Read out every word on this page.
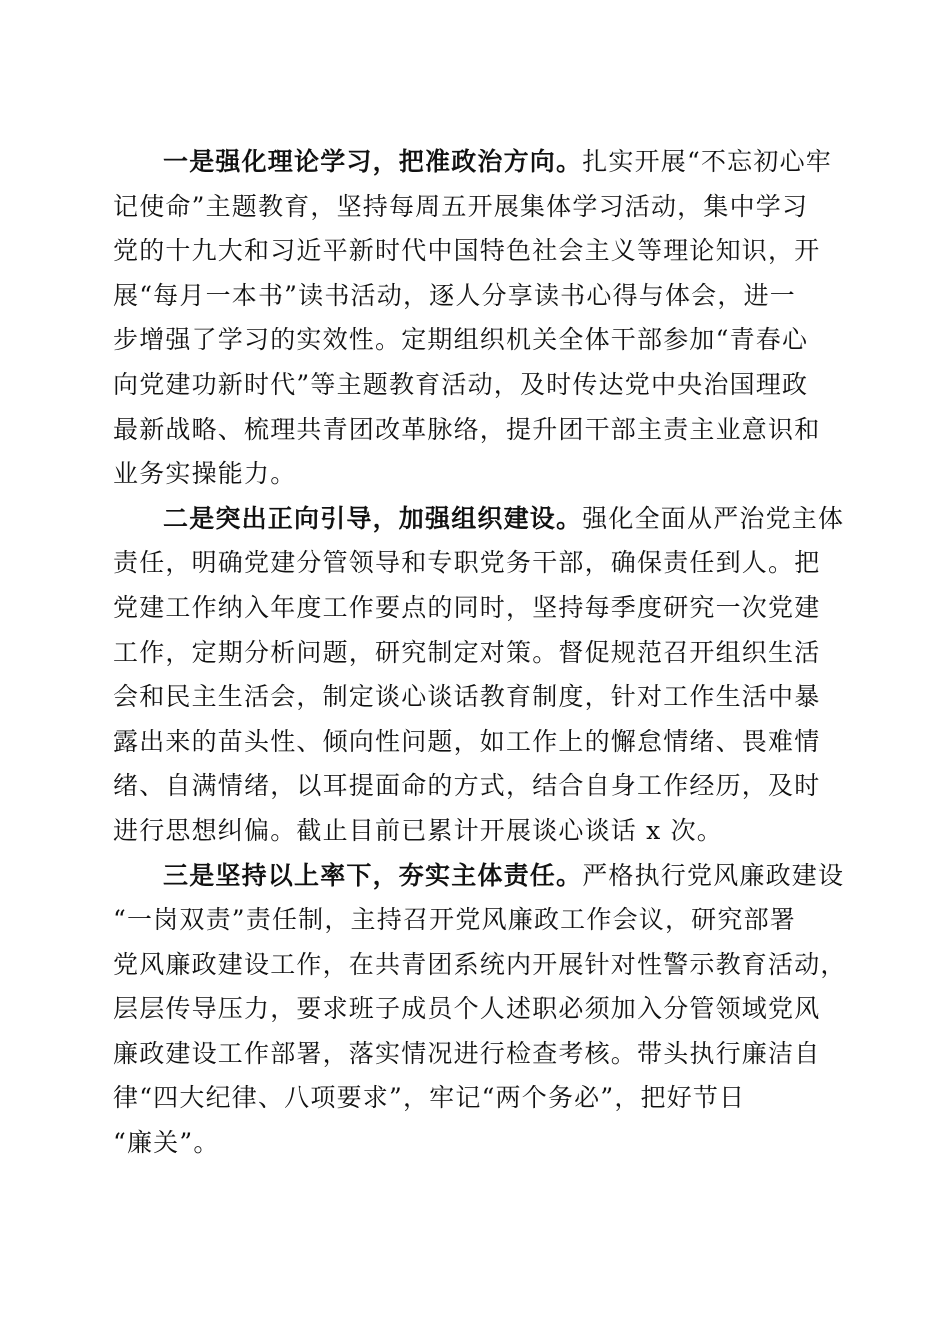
一是强化理论学习，把准政治方向。扎实开展“不忘初心牢
记使命”主题教育，坚持每周五开展集体学习活动，集中学习
党的十九大和习近平新时代中国特色社会主义等理论知识，开
展“每月一本书”读书活动，逐人分享读书心得与体会，进一
步增强了学习的实效性。定期组织机关全体干部参加“青春心
向党建功新时代”等主题教育活动，及时传达党中央治国理政
最新战略、梳理共青团改革脉络，提升团干部主责主业意识和
业务实操能力。

二是突出正向引导，加强组织建设。强化全面从严治党主体
责任，明确党建分管领导和专职党务干部，确保责任到人。把
党建工作纳入年度工作要点的同时，坚持每季度研究一次党建
工作，定期分析问题，研究制定对策。督促规范召开组织生活
会和民主生活会，制定谈心谈话教育制度，针对工作生活中暴
露出来的苗头性、倾向性问题，如工作上的懈怠情绪、畏难情
绪、自满情绪，以耳提面命的方式，结合自身工作经历，及时
进行思想纠偏。截止目前已累计开展谈心谈话 x 次。

三是坚持以上率下，夯实主体责任。严格执行党风廉政建设
“一岗双责”责任制，主持召开党风廉政工作会议，研究部署
党风廉政建设工作，在共青团系统内开展针对性警示教育活动，
层层传导压力，要求班子成员个人述职必须加入分管领域党风
廉政建设工作部署，落实情况进行检查考核。带头执行廉洁自
律“四大纪律、八项要求”，牢记“两个务必”，把好节日
“廉关”。
